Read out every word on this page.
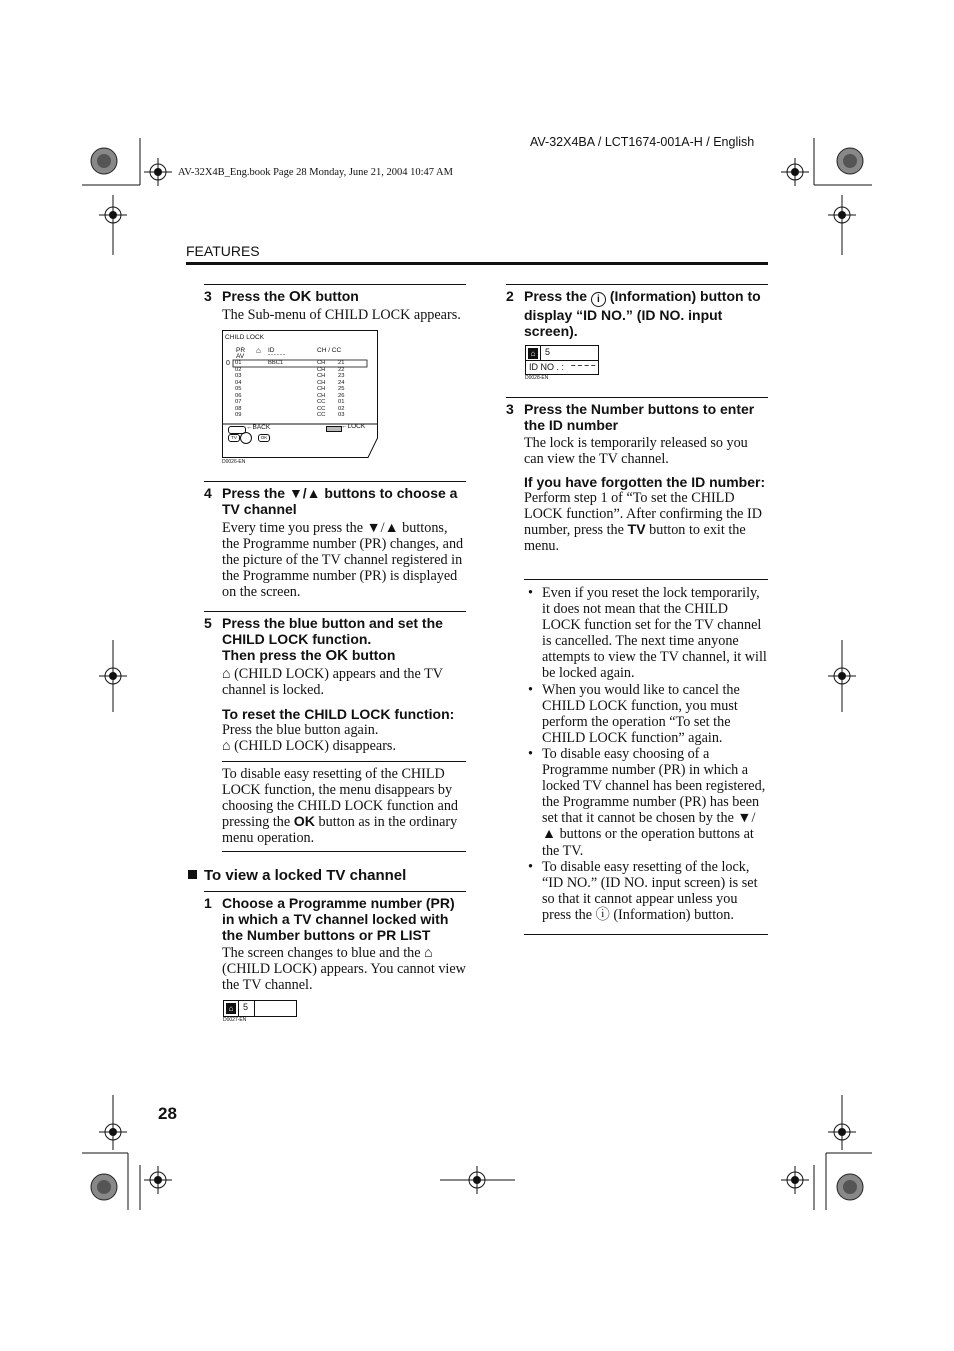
AV-32X4BA / LCT1674-001A-H / English
AV-32X4B_Eng.book Page 28 Monday, June 21, 2004 10:47 AM
FEATURES
3 Press the OK button
The Sub-menu of CHILD LOCK appears.
CHILD LOCK
PR ⌂ ID
------
CH / CC
AV
0 01	BBC1	CH 21
02	CH 22
03	CH 23
04	CH 24
05	CH 25
06	CH 26
07	CC 01
08	CC 02
09	CC 03
←BACK
TV	OK
←LOCK
D0026-EN
4 Press the ▼/▲ buttons to choose a TV channel
Every time you press the ▼/▲ buttons, the Programme number (PR) changes, and the picture of the TV channel registered in the Programme number (PR) is displayed on the screen.
5 Press the blue button and set the CHILD LOCK function.
Then press the OK button
⌂ (CHILD LOCK) appears and the TV channel is locked.
To reset the CHILD LOCK function:
Press the blue button again.
⌂ (CHILD LOCK) disappears.
To disable easy resetting of the CHILD LOCK function, the menu disappears by choosing the CHILD LOCK function and pressing the OK button as in the ordinary menu operation.
To view a locked TV channel
1 Choose a Programme number (PR) in which a TV channel locked with the Number buttons or PR LIST
The screen changes to blue and the ⌂
(CHILD LOCK) appears. You cannot view the TV channel.
⌂ 5
D0027-EN
2 Press the i (Information) button to display “ID NO.” (ID NO. input screen).
⌂ 5
ID NO . : – – – –
D0028-EN
3 Press the Number buttons to enter the ID number
The lock is temporarily released so you can view the TV channel.
If you have forgotten the ID number:
Perform step 1 of “To set the CHILD LOCK function”. After confirming the ID number, press the TV button to exit the menu.
• Even if you reset the lock temporarily, it does not mean that the CHILD LOCK function set for the TV channel is cancelled. The next time anyone attempts to view the TV channel, it will be locked again.
• When you would like to cancel the CHILD LOCK function, you must perform the operation “To set the CHILD LOCK function” again.
• To disable easy choosing of a Programme number (PR) in which a locked TV channel has been registered, the Programme number (PR) has been set that it cannot be chosen by the ▼/▲ buttons or the operation buttons at the TV.
• To disable easy resetting of the lock, “ID NO.” (ID NO. input screen) is set so that it cannot appear unless you press the ⓘ (Information) button.
28
